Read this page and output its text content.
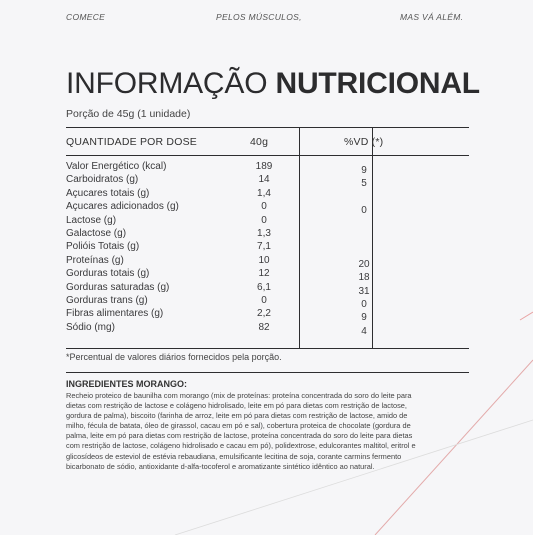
COMECE	PELOS MÚSCULOS,	MAS VÁ ALÉM.
INFORMAÇÃO NUTRICIONAL
Porção de 45g (1 unidade)
QUANTIDADE POR DOSE	40g	%VD (*)
Valor Energético (kcal)	189	9
Carboidratos (g)	14	5
Açucares totais (g)	1,4
Açucares adicionados (g)	0	0
Lactose (g)	0
Galactose (g)	1,3
Polióis Totais (g)	7,1
Proteínas (g)	10	20
Gorduras totais (g)	12	18
Gorduras saturadas (g)	6,1	31
Gorduras trans (g)	0	0
Fibras alimentares (g)	2,2	9
Sódio (mg)	82	4
*Percentual de valores diários fornecidos pela porção.
INGREDIENTES MORANGO:
Recheio proteico de baunilha com morango (mix de proteínas: proteína concentrada do soro do leite para dietas com restrição de lactose e colágeno hidrolisado, leite em pó para dietas com restrição de lactose, gordura de palma), biscoito (farinha de arroz, leite em pó para dietas com restrição de lactose, amido de milho, fécula de batata, óleo de girassol, cacau em pó e sal), cobertura proteica de chocolate (gordura de palma, leite em pó para dietas com restrição de lactose, proteína concentrada do soro do leite para dietas com restrição de lactose, colágeno hidrolisado e cacau em pó), polidextrose, edulcorantes maltitol, eritrol e glicosídeos de esteviol de estévia rebaudiana, emulsificante lecitina de soja, corante carmins fermento bicarbonato de sódio, antioxidante d-alfa-tocoferol e aromatizante sintético idêntico ao natural.
